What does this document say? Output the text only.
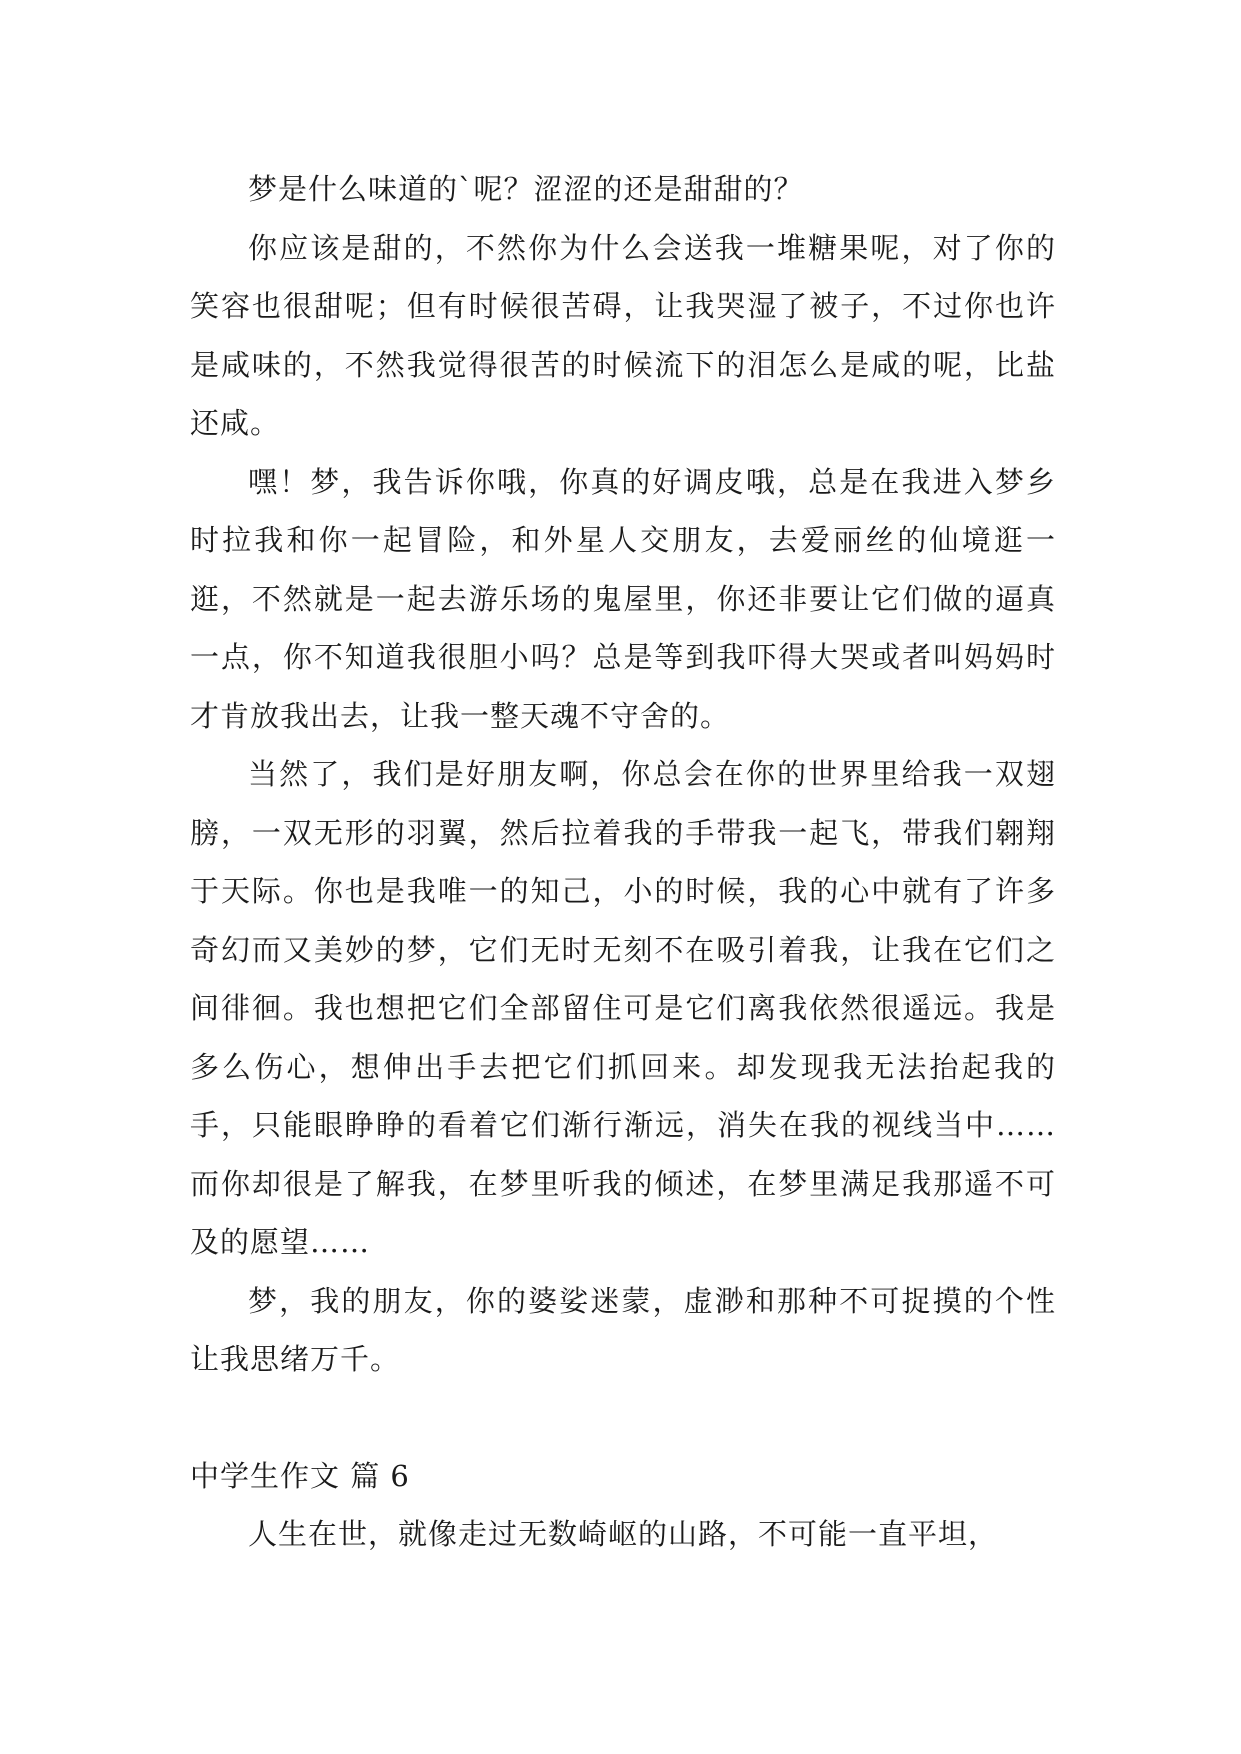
梦是什么味道的`呢？涩涩的还是甜甜的？

你应该是甜的，不然你为什么会送我一堆糖果呢，对了你的笑容也很甜呢；但有时候很苦碍，让我哭湿了被子，不过你也许是咸味的，不然我觉得很苦的时候流下的泪怎么是咸的呢，比盐还咸。

嘿！梦，我告诉你哦，你真的好调皮哦，总是在我进入梦乡时拉我和你一起冒险，和外星人交朋友，去爱丽丝的仙境逛一逛，不然就是一起去游乐场的鬼屋里，你还非要让它们做的逼真一点，你不知道我很胆小吗？总是等到我吓得大哭或者叫妈妈时才肯放我出去，让我一整天魂不守舍的。

当然了，我们是好朋友啊，你总会在你的世界里给我一双翅膀，一双无形的羽翼，然后拉着我的手带我一起飞，带我们翱翔于天际。你也是我唯一的知己，小的时候，我的心中就有了许多奇幻而又美妙的梦，它们无时无刻不在吸引着我，让我在它们之间徘徊。我也想把它们全部留住可是它们离我依然很遥远。我是多么伤心，想伸出手去把它们抓回来。却发现我无法抬起我的手，只能眼睁睁的看着它们渐行渐远，消失在我的视线当中……而你却很是了解我，在梦里听我的倾述，在梦里满足我那遥不可及的愿望……

梦，我的朋友，你的婆娑迷蒙，虚渺和那种不可捉摸的个性让我思绪万千。

中学生作文 篇 6

人生在世，就像走过无数崎岖的山路，不可能一直平坦，
